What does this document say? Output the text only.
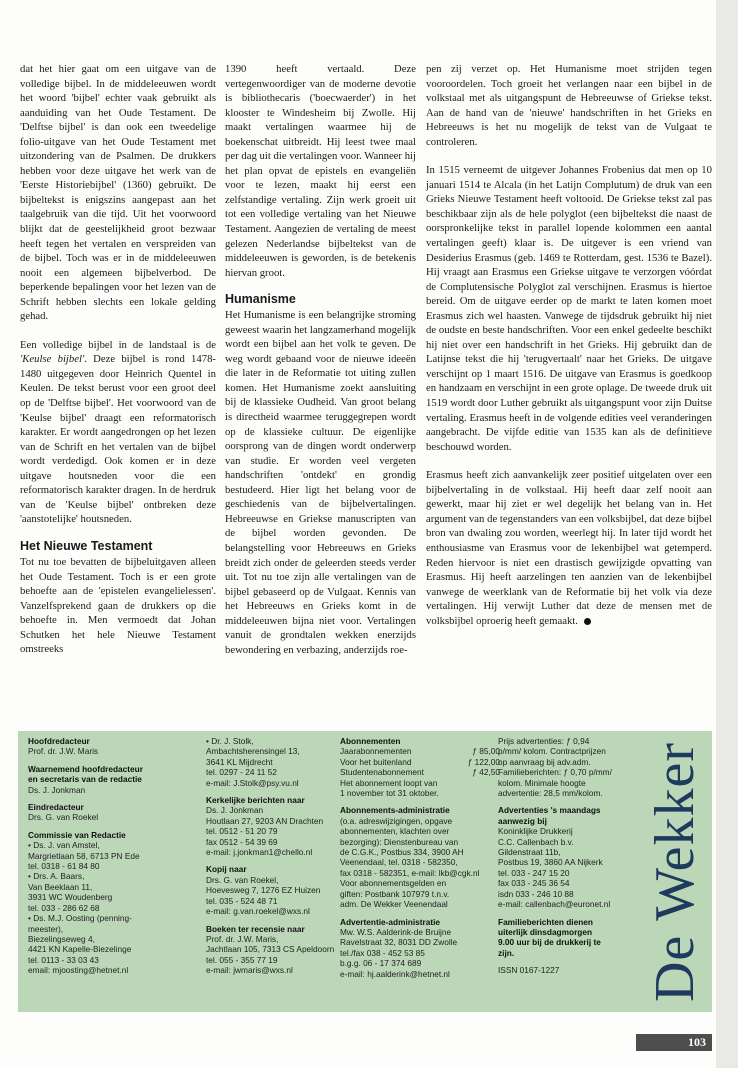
dat het hier gaat om een uitgave van de volledige bijbel. In de middeleeuwen wordt het woord 'bijbel' echter vaak gebruikt als aanduiding van het Oude Testament. De 'Delftse bijbel' is dan ook een tweedelige folio-uitgave van het Oude Testament met uitzondering van de Psalmen. De drukkers hebben voor deze uitgave het werk van de 'Eerste Historiebijbel' (1360) gebruikt. De bijbeltekst is enigszins aangepast aan het taalgebruik van die tijd. Uit het voorwoord blijkt dat de geestelijkheid groot bezwaar heeft tegen het vertalen en verspreiden van de bijbel. Toch was er in de middeleeuwen nooit een algemeen bijbelverbod. De beperkende bepalingen voor het lezen van de Schrift hebben slechts een lokale gelding gehad.

Een volledige bijbel in de landstaal is de 'Keulse bijbel'. Deze bijbel is rond 1478-1480 uitgegeven door Heinrich Quentel in Keulen. De tekst berust voor een groot deel op de 'Delftse bijbel'. Het voorwoord van de 'Keulse bijbel' draagt een reformatorisch karakter. Er wordt aangedrongen op het lezen van de Schrift en het vertalen van de bijbel wordt verdedigd. Ook komen er in deze uitgave houtsneden voor die een reformatorisch karakter dragen. In de herdruk van de 'Keulse bijbel' ontbreken deze 'aanstotelijke' houtsneden.

Het Nieuwe Testament

Tot nu toe bevatten de bijbeluitgaven alleen het Oude Testament. Toch is er een grote behoefte aan de 'epistelen evangelielessen'. Vanzelfsprekend gaan de drukkers op die behoefte in. Men vermoedt dat Johan Schutken het hele Nieuwe Testament omstreeks

1390 heeft vertaald. Deze vertegenwoordiger van de moderne devotie is bibliothecaris ('boecwaerder') in het klooster te Windesheim bij Zwolle. Hij maakt vertalingen waarmee hij de boekenschat uitbreidt. Hij leest twee maal per dag uit die vertalingen voor. Wanneer hij het plan opvat de epistels en evangeliën voor te lezen, maakt hij eerst een zelfstandige vertaling. Zijn werk groeit uit tot een volledige vertaling van het Nieuwe Testament. Aangezien de vertaling de meest gelezen Nederlandse bijbeltekst van de middeleeuwen is geworden, is de betekenis hiervan groot.

Humanisme

Het Humanisme is een belangrijke stroming geweest waarin het langzamerhand mogelijk wordt een bijbel aan het volk te geven. De weg wordt gebaand voor de nieuwe ideeën die later in de Reformatie tot uiting zullen komen. Het Humanisme zoekt aansluiting bij de klassieke Oudheid. Van groot belang is directheid waarmee teruggegrepen wordt op de klassieke cultuur. De eigenlijke oorsprong van de dingen wordt onderwerp van studie. Er worden veel vergeten handschriften 'ontdekt' en grondig bestudeerd. Hier ligt het belang voor de geschiedenis van de bijbelvertalingen. Hebreeuwse en Griekse manuscripten van de bijbel worden gevonden. De belangstelling voor Hebreeuws en Grieks breidt zich onder de geleerden steeds verder uit. Tot nu toe zijn alle vertalingen van de bijbel gebaseerd op de Vulgaat. Kennis van het Hebreeuws en Grieks komt in de middeleeuwen bijna niet voor. Vertalingen vanuit de grondtalen wekken enerzijds bewondering en verbazing, anderzijds roe-

pen zij verzet op. Het Humanisme moet strijden tegen vooroordelen. Toch groeit het verlangen naar een bijbel in de volkstaal met als uitgangspunt de Hebreeuwse of Griekse tekst. Aan de hand van de 'nieuwe' handschriften in het Grieks en Hebreeuws is het nu mogelijk de tekst van de Vulgaat te controleren.

In 1515 verneemt de uitgever Johannes Frobenius dat men op 10 januari 1514 te Alcala (in het Latijn Complutum) de druk van een Grieks Nieuwe Testament heeft voltooid. De Griekse tekst zal pas beschikbaar zijn als de hele polyglot (een bijbeltekst die naast de oorspronkelijke tekst in parallel lopende kolommen een aantal vertalingen geeft) klaar is. De uitgever is een vriend van Desiderius Erasmus (geb. 1469 te Rotterdam, gest. 1536 te Bazel). Hij vraagt aan Erasmus een Griekse uitgave te verzorgen vóórdat de Complutensische Polyglot zal verschijnen. Erasmus is hiertoe bereid. Om de uitgave eerder op de markt te laten komen moet Erasmus zich wel haasten. Vanwege de tijdsdruk gebruikt hij niet de oudste en beste handschriften. Voor een enkel gedeelte beschikt hij niet over een handschrift in het Grieks. Hij gebruikt dan de Latijnse tekst die hij 'terugvertaalt' naar het Grieks. De uitgave verschijnt op 1 maart 1516. De uitgave van Erasmus is goedkoop en handzaam en verschijnt in een grote oplage. De tweede druk uit 1519 wordt door Luther gebruikt als uitgangspunt voor zijn Duitse vertaling. Erasmus heeft in de volgende edities veel veranderingen aangebracht. De vijfde editie van 1535 kan als de definitieve beschouwd worden.

Erasmus heeft zich aanvankelijk zeer positief uitgelaten over een bijbelvertaling in de volkstaal. Hij heeft daar zelf nooit aan gewerkt, maar hij ziet er wel degelijk het belang van in. Het argument van de tegenstanders van een volksbijbel, dat deze bijbel bron van dwaling zou worden, weerlegt hij. In later tijd wordt het enthousiasme van Erasmus voor de lekenbijbel wat getemperd. Reden hiervoor is niet een drastisch gewijzigde opvatting van Erasmus. Hij heeft aarzelingen ten aanzien van de lekenbijbel vanwege de weerklank van de Reformatie bij het volk via deze vertalingen. Hij verwijt Luther dat deze de mensen met de volksbijbel oproerig heeft gemaakt.

Hoofdredacteur
Prof. dr. J.W. Maris
Waarnemend hoofdredacteur
en secretaris van de redactie
Ds. J. Jonkman
Eindredacteur
Drs. G. van Roekel
Commissie van Redactie
• Ds. J. van Amstel,
Margrietlaan 58, 6713 PN Ede
tel. 0318 - 61 84 80
• Drs. A. Baars,
Van Beeklaan 11,
3931 WC Woudenberg
tel. 033 - 286 62 68
• Ds. M.J. Oosting (penning-
meester),
Biezelingseweg 4,
4421 KN Kapelle-Biezelinge
tel. 0113 - 33 03 43
email: mjoosting@hetnet.nl
• Dr. J. Stolk,
Ambachtsherensingel 13,
3641 KL Mijdrecht
tel. 0297 - 24 11 52
e-mail: J.Stolk@psy.vu.nl
Kerkelijke berichten naar
Ds. J. Jonkman
Houtlaan 27, 9203 AN Drachten
tel. 0512 - 51 20 79
fax 0512 - 54 39 69
e-mail: j.jonkman1@chello.nl
Kopij naar
Drs. G. van Roekel,
Hoevesweg 7, 1276 EZ Huizen
tel. 035 - 524 48 71
e-mail: g.van.roekel@wxs.nl
Boeken ter recensie naar
Prof. dr. J.W. Maris,
Jachtlaan 105, 7313 CS Apeldoorn
tel. 055 - 355 77 19
e-mail: jwmaris@wxs.nl
Abonnementen
Jaarabonnementen	ƒ 85,00
Voor het buitenland	ƒ 122,00
Studentenabonnement	ƒ 42,50
Het abonnement loopt van
1 november tot 31 oktober.
Abonnements-administratie
(o.a. adreswijzigingen, opgave
abonnementen, klachten over
bezorging): Dienstenbureau van
de C.G.K., Postbus 334, 3900 AH
Veenendaal, tel. 0318 - 582350,
fax 0318 - 582351, e-mail: lkb@cgk.nl
Voor abonnementsgelden en
giften: Postbank 107979 t.n.v.
adm. De Wekker Veenendaal
Advertentie-administratie
Mw. W.S. Aalderink-de Bruijne
Ravelstraat 32, 8031 DD Zwolle
tel./fax 038 - 452 53 85
b.g.g. 06 - 17 374 689
e-mail: hj.aalderink@hetnet.nl
Prijs advertenties: ƒ 0,94
p/mm/ kolom. Contractprijzen
op aanvraag bij adv.adm.
Familieberichten: ƒ 0,70 p/mm/
kolom. Minimale hoogte
advertentie: 28,5 mm/kolom.
Advertenties 's maandags
aanwezig bij
Koninklijke Drukkerij
C.C. Callenbach b.v.
Gildenstraat 11b,
Postbus 19, 3860 AA Nijkerk
tel. 033 - 247 15 20
fax 033 - 245 36 54
isdn 033 - 246 10 88
e-mail: callenbach@euronet.nl
Familieberichten dienen
uiterlijk dinsdagmorgen
9.00 uur bij de drukkerij te
zijn.
ISSN 0167-1227	De Wekker
103
